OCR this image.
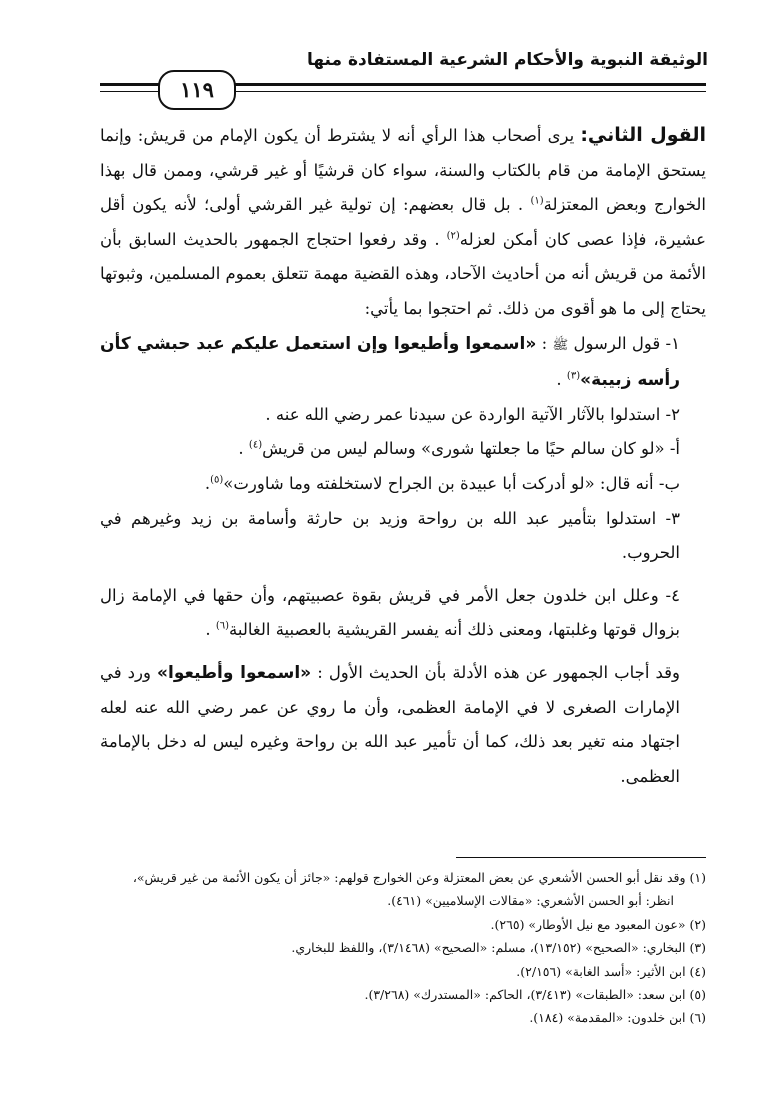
الوثيقة النبوية والأحكام الشرعية المستفادة منها
١١٩

القول الثاني: يرى أصحاب هذا الرأي أنه لا يشترط أن يكون الإمام من قريش: وإنما يستحق الإمامة من قام بالكتاب والسنة، سواء كان قرشيًا أو غير قرشي، وممن قال بهذا الخوارج وبعض المعتزلة$^{(١)}$ . بل قال بعضهم: إن تولية غير القرشي أولى؛ لأنه يكون أقل عشيرة، فإذا عصى كان أمكن لعزله$^{(٢)}$ . وقد رفعوا احتجاج الجمهور بالحديث السابق بأن الأئمة من قريش أنه من أحاديث الآحاد، وهذه القضية مهمة تتعلق بعموم المسلمين، وثبوتها يحتاج إلى ما هو أقوى من ذلك. ثم احتجوا بما يأتي:

١- قول الرسول ﷺ : «اسمعوا وأطيعوا وإن استعمل عليكم عبد حبشي كأن رأسه زبيبة»$^{(٣)}$ .

٢- استدلوا بالآثار الآتية الواردة عن سيدنا عمر رضي الله عنه .

أ- «لو كان سالم حيًا ما جعلتها شورى» وسالم ليس من قريش$^{(٤)}$ .

ب- أنه قال: «لو أدركت أبا عبيدة بن الجراح لاستخلفته وما شاورت»$^{(٥)}$.

٣- استدلوا بتأمير عبد الله بن رواحة وزيد بن حارثة وأسامة بن زيد وغيرهم في الحروب.

٤- وعلل ابن خلدون جعل الأمر في قريش بقوة عصبيتهم، وأن حقها في الإمامة زال بزوال قوتها وغلبتها، ومعنى ذلك أنه يفسر القريشية بالعصبية الغالبة$^{(٦)}$ .

وقد أجاب الجمهور عن هذه الأدلة بأن الحديث الأول : «اسمعوا وأطيعوا» ورد في الإمارات الصغرى لا في الإمامة العظمى، وأن ما روي عن عمر رضي الله عنه لعله اجتهاد منه تغير بعد ذلك، كما أن تأمير عبد الله بن رواحة وغيره ليس له دخل بالإمامة العظمى.

(١) وقد نقل أبو الحسن الأشعري عن بعض المعتزلة وعن الخوارج قولهم: «جائز أن يكون الأئمة من غير قريش»،
انظر: أبو الحسن الأشعري: «مقالات الإسلاميين» (٤٦١).
(٢) «عون المعبود مع نيل الأوطار» (٢٦٥).
(٣) البخاري: «الصحيح» (١٣/١٥٢)، مسلم: «الصحيح» (٣/١٤٦٨)، واللفظ للبخاري.
(٤) ابن الأثير: «أسد الغابة» (٢/١٥٦).
(٥) ابن سعد: «الطبقات» (٣/٤١٣)، الحاكم: «المستدرك» (٣/٢٦٨).
(٦) ابن خلدون: «المقدمة» (١٨٤).
